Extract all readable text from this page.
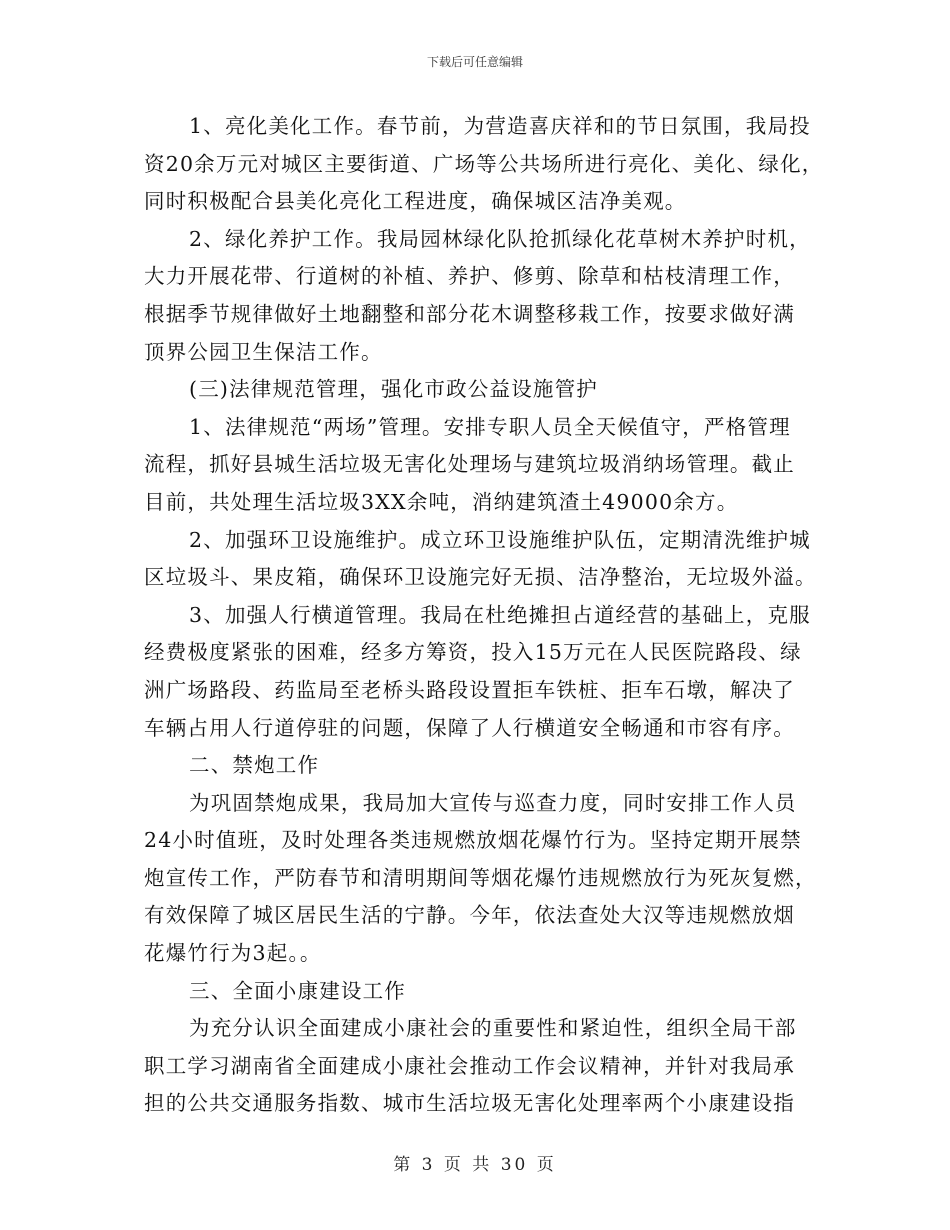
下载后可任意编辑
1、亮化美化工作。春节前，为营造喜庆祥和的节日氛围，我局投
资20余万元对城区主要街道、广场等公共场所进行亮化、美化、绿化，
同时积极配合县美化亮化工程进度，确保城区洁净美观。
2、绿化养护工作。我局园林绿化队抢抓绿化花草树木养护时机，
大力开展花带、行道树的补植、养护、修剪、除草和枯枝清理工作，
根据季节规律做好土地翻整和部分花木调整移栽工作，按要求做好满
顶界公园卫生保洁工作。
(三)法律规范管理，强化市政公益设施管护
1、法律规范“两场”管理。安排专职人员全天候值守，严格管理
流程，抓好县城生活垃圾无害化处理场与建筑垃圾消纳场管理。截止
目前，共处理生活垃圾3XX余吨，消纳建筑渣土49000余方。
2、加强环卫设施维护。成立环卫设施维护队伍，定期清洗维护城
区垃圾斗、果皮箱，确保环卫设施完好无损、洁净整治，无垃圾外溢。
3、加强人行横道管理。我局在杜绝摊担占道经营的基础上，克服
经费极度紧张的困难，经多方筹资，投入15万元在人民医院路段、绿
洲广场路段、药监局至老桥头路段设置拒车铁桩、拒车石墩，解决了
车辆占用人行道停驻的问题，保障了人行横道安全畅通和市容有序。
二、禁炮工作
为巩固禁炮成果，我局加大宣传与巡查力度，同时安排工作人员
24小时值班，及时处理各类违规燃放烟花爆竹行为。坚持定期开展禁
炮宣传工作，严防春节和清明期间等烟花爆竹违规燃放行为死灰复燃，
有效保障了城区居民生活的宁静。今年，依法查处大汉等违规燃放烟
花爆竹行为3起。。
三、全面小康建设工作
为充分认识全面建成小康社会的重要性和紧迫性，组织全局干部
职工学习湖南省全面建成小康社会推动工作会议精神，并针对我局承
担的公共交通服务指数、城市生活垃圾无害化处理率两个小康建设指
第 3 页 共 30 页
